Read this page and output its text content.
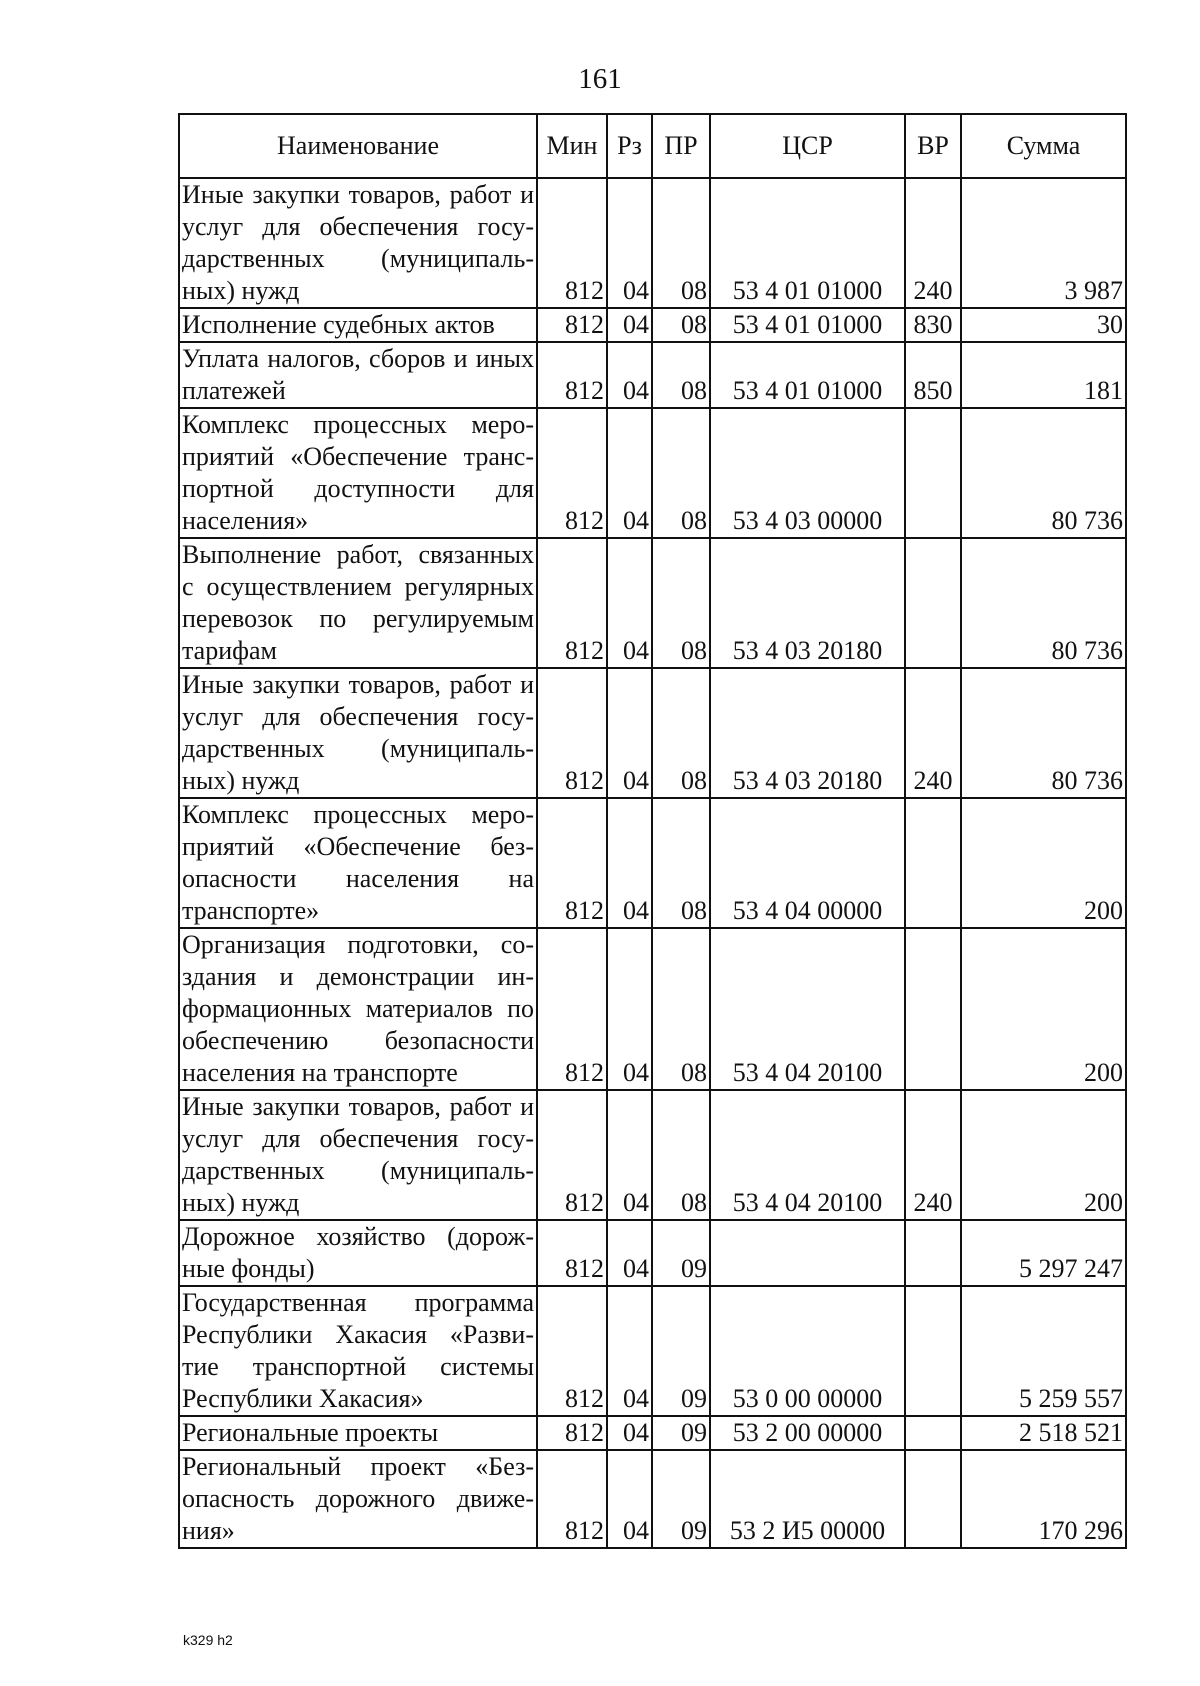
161
Наименование	Мин	Рз	ПР	ЦСР	ВР	Сумма
Иные закупки товаров, работ и услуг для обеспечения госу-дарственных (муниципаль-ных) нужд	812	04	08	53 4 01 01000	240	3 987
Исполнение судебных актов	812	04	08	53 4 01 01000	830	30
Уплата налогов, сборов и иных платежей	812	04	08	53 4 01 01000	850	181
Комплекс процессных меро-приятий «Обеспечение транс-портной доступности для населения»	812	04	08	53 4 03 00000		80 736
Выполнение работ, связанных с осуществлением регулярных перевозок по регулируемым тарифам	812	04	08	53 4 03 20180		80 736
Иные закупки товаров, работ и услуг для обеспечения госу-дарственных (муниципаль-ных) нужд	812	04	08	53 4 03 20180	240	80 736
Комплекс процессных меро-приятий «Обеспечение без-опасности населения на транспорте»	812	04	08	53 4 04 00000		200
Организация подготовки, со-здания и демонстрации ин-формационных материалов по обеспечению безопасности населения на транспорте	812	04	08	53 4 04 20100		200
Иные закупки товаров, работ и услуг для обеспечения госу-дарственных (муниципаль-ных) нужд	812	04	08	53 4 04 20100	240	200
Дорожное хозяйство (дорож-ные фонды)	812	04	09			5 297 247
Государственная программа Республики Хакасия «Разви-тие транспортной системы Республики Хакасия»	812	04	09	53 0 00 00000		5 259 557
Региональные проекты	812	04	09	53 2 00 00000		2 518 521
Региональный проект «Без-опасность дорожного движе-ния»	812	04	09	53 2 И5 00000		170 296
k329 h2
